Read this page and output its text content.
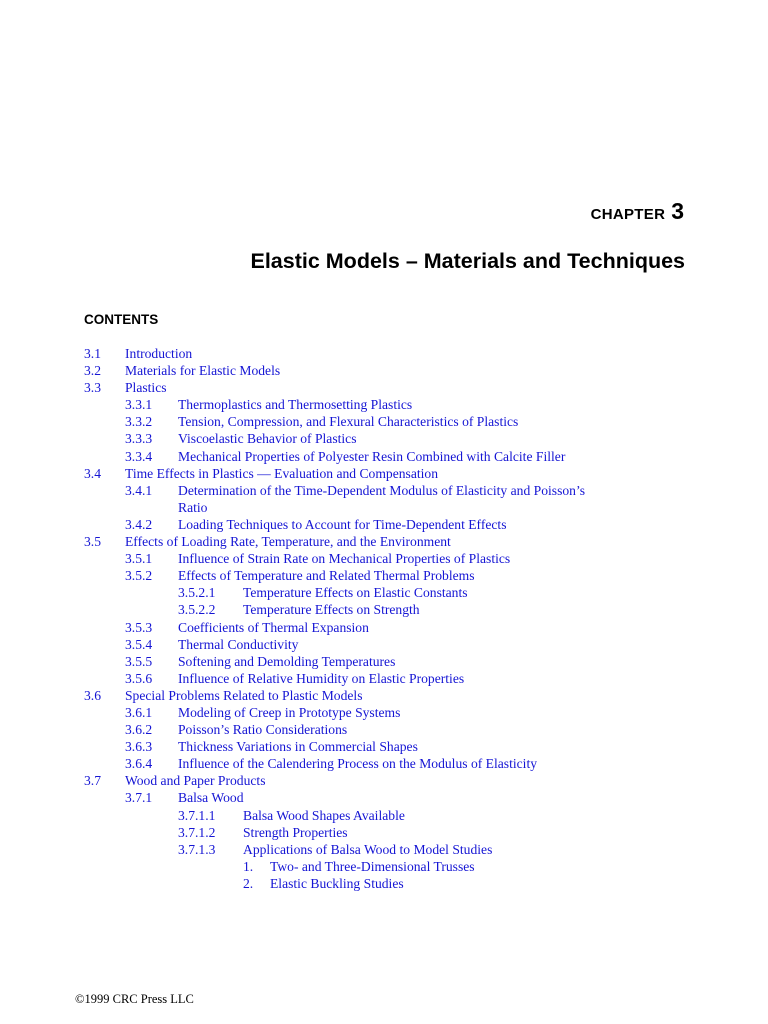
CHAPTER 3
Elastic Models – Materials and Techniques
CONTENTS
3.1 Introduction
3.2 Materials for Elastic Models
3.3 Plastics
3.3.1 Thermoplastics and Thermosetting Plastics
3.3.2 Tension, Compression, and Flexural Characteristics of Plastics
3.3.3 Viscoelastic Behavior of Plastics
3.3.4 Mechanical Properties of Polyester Resin Combined with Calcite Filler
3.4 Time Effects in Plastics — Evaluation and Compensation
3.4.1 Determination of the Time-Dependent Modulus of Elasticity and Poisson’s Ratio
3.4.2 Loading Techniques to Account for Time-Dependent Effects
3.5 Effects of Loading Rate, Temperature, and the Environment
3.5.1 Influence of Strain Rate on Mechanical Properties of Plastics
3.5.2 Effects of Temperature and Related Thermal Problems
3.5.2.1 Temperature Effects on Elastic Constants
3.5.2.2 Temperature Effects on Strength
3.5.3 Coefficients of Thermal Expansion
3.5.4 Thermal Conductivity
3.5.5 Softening and Demolding Temperatures
3.5.6 Influence of Relative Humidity on Elastic Properties
3.6 Special Problems Related to Plastic Models
3.6.1 Modeling of Creep in Prototype Systems
3.6.2 Poisson’s Ratio Considerations
3.6.3 Thickness Variations in Commercial Shapes
3.6.4 Influence of the Calendering Process on the Modulus of Elasticity
3.7 Wood and Paper Products
3.7.1 Balsa Wood
3.7.1.1 Balsa Wood Shapes Available
3.7.1.2 Strength Properties
3.7.1.3 Applications of Balsa Wood to Model Studies
1. Two- and Three-Dimensional Trusses
2. Elastic Buckling Studies
©1999 CRC Press LLC
